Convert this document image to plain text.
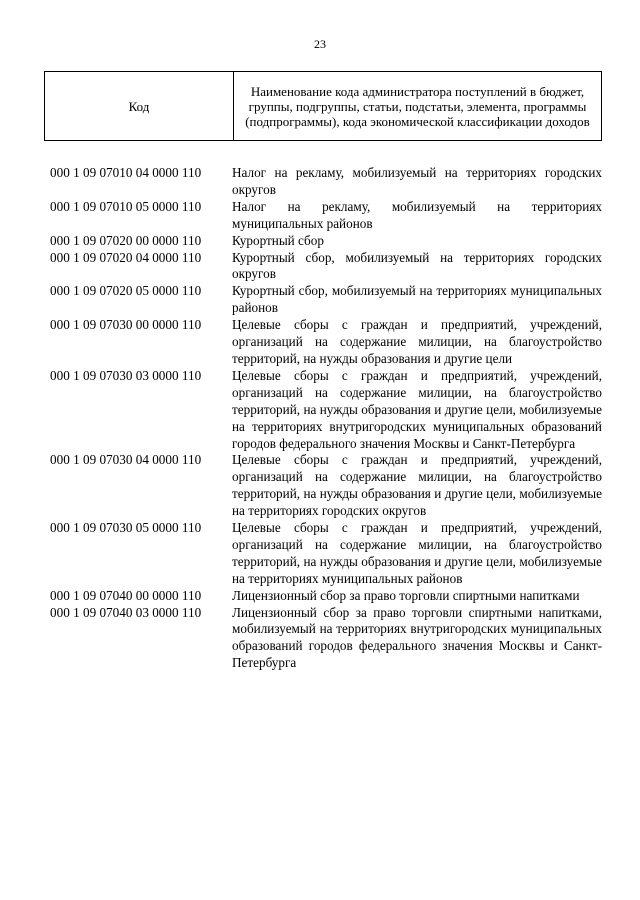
23
Код	Наименование кода администратора поступлений в бюджет, группы, подгруппы, статьи, подстатьи, элемента, программы (подпрограммы), кода экономической классификации доходов
000 1 09 07010 04 0000 110	Налог на рекламу, мобилизуемый на территориях городских округов
000 1 09 07010 05 0000 110	Налог на рекламу, мобилизуемый на территориях муниципальных районов
000 1 09 07020 00 0000 110	Курортный сбор
000 1 09 07020 04 0000 110	Курортный сбор, мобилизуемый на территориях городских округов
000 1 09 07020 05 0000 110	Курортный сбор, мобилизуемый на территориях муниципальных районов
000 1 09 07030 00 0000 110	Целевые сборы с граждан и предприятий, учреждений, организаций на содержание милиции, на благоустройство территорий, на нужды образования и другие цели
000 1 09 07030 03 0000 110	Целевые сборы с граждан и предприятий, учреждений, организаций на содержание милиции, на благоустройство территорий, на нужды образования и другие цели, мобилизуемые на территориях внутригородских муниципальных образований городов федерального значения Москвы и Санкт-Петербурга
000 1 09 07030 04 0000 110	Целевые сборы с граждан и предприятий, учреждений, организаций на содержание милиции, на благоустройство территорий, на нужды образования и другие цели, мобилизуемые на территориях городских округов
000 1 09 07030 05 0000 110	Целевые сборы с граждан и предприятий, учреждений, организаций на содержание милиции, на благоустройство территорий, на нужды образования и другие цели, мобилизуемые на территориях муниципальных районов
000 1 09 07040 00 0000 110	Лицензионный сбор за право торговли спиртными напитками
000 1 09 07040 03 0000 110	Лицензионный сбор за право торговли спиртными напитками, мобилизуемый на территориях внутригородских муниципальных образований городов федерального значения Москвы и Санкт-Петербурга
